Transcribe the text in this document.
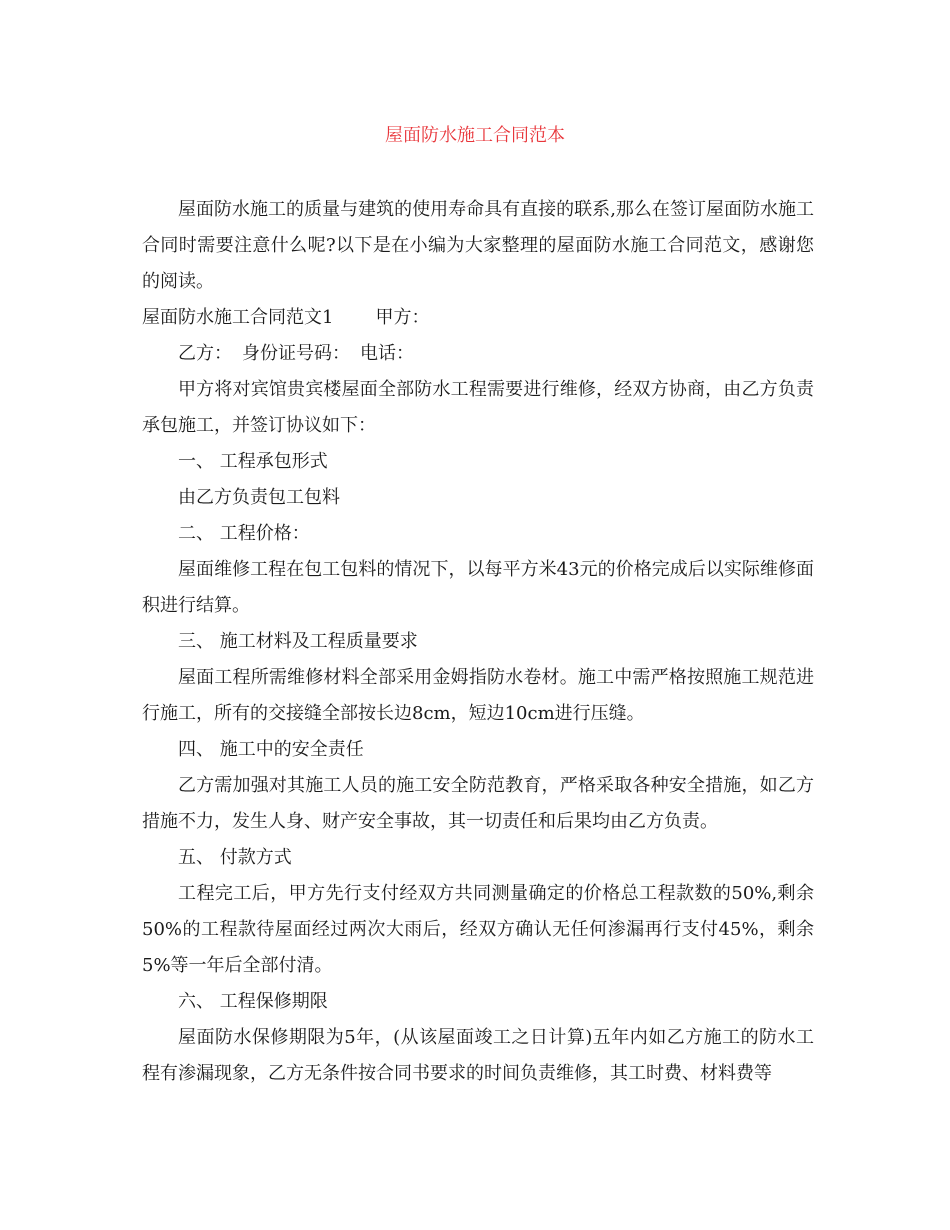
屋面防水施工合同范本

屋面防水施工的质量与建筑的使用寿命具有直接的联系,那么在签订屋面防水施工合同时需要注意什么呢?以下是在小编为大家整理的屋面防水施工合同范文，感谢您的阅读。

屋面防水施工合同范文1 甲方：
乙方： 身份证号码： 电话：

甲方将对宾馆贵宾楼屋面全部防水工程需要进行维修，经双方协商，由乙方负责承包施工，并签订协议如下：

一、 工程承包形式

由乙方负责包工包料

二、 工程价格：

屋面维修工程在包工包料的情况下，以每平方米43元的价格完成后以实际维修面积进行结算。

三、 施工材料及工程质量要求

屋面工程所需维修材料全部采用金姆指防水卷材。施工中需严格按照施工规范进行施工，所有的交接缝全部按长边8cm，短边10cm进行压缝。

四、 施工中的安全责任

乙方需加强对其施工人员的施工安全防范教育，严格采取各种安全措施，如乙方措施不力，发生人身、财产安全事故，其一切责任和后果均由乙方负责。

五、 付款方式

工程完工后，甲方先行支付经双方共同测量确定的价格总工程款数的50%,剩余50%的工程款待屋面经过两次大雨后，经双方确认无任何渗漏再行支付45%，剩余5%等一年后全部付清。

六、 工程保修期限

屋面防水保修期限为5年，(从该屋面竣工之日计算)五年内如乙方施工的防水工程有渗漏现象，乙方无条件按合同书要求的时间负责维修，其工时费、材料费等
